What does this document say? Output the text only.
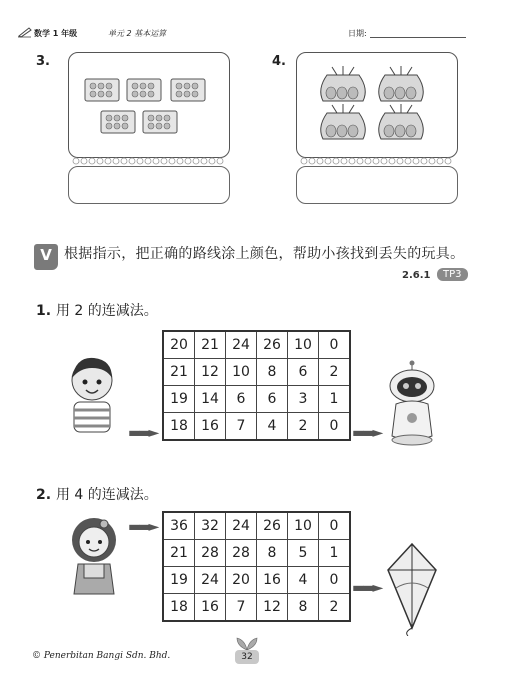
数学 1 年级	单元 2 基本运算	日期:
3.	4.
V 根据指示，把正确的路线涂上颜色，帮助小孩找到丢失的玩具。
2.6.1	TP3
1. 用 2 的连减法。
▬▬►
20	21	24	26	10	0
21	12	10	8	6	2
19	14	6	6	3	1
18	16	7	4	2	0 ▬▬►
2. 用 4 的连减法。
▬▬► 36	32	24	26	10	0
21	28	28	8	5	1
19	24	20	16	4	0
18	16	7	12	8	2
▬▬►
© Penerbitan Bangi Sdn. Bhd.	32
